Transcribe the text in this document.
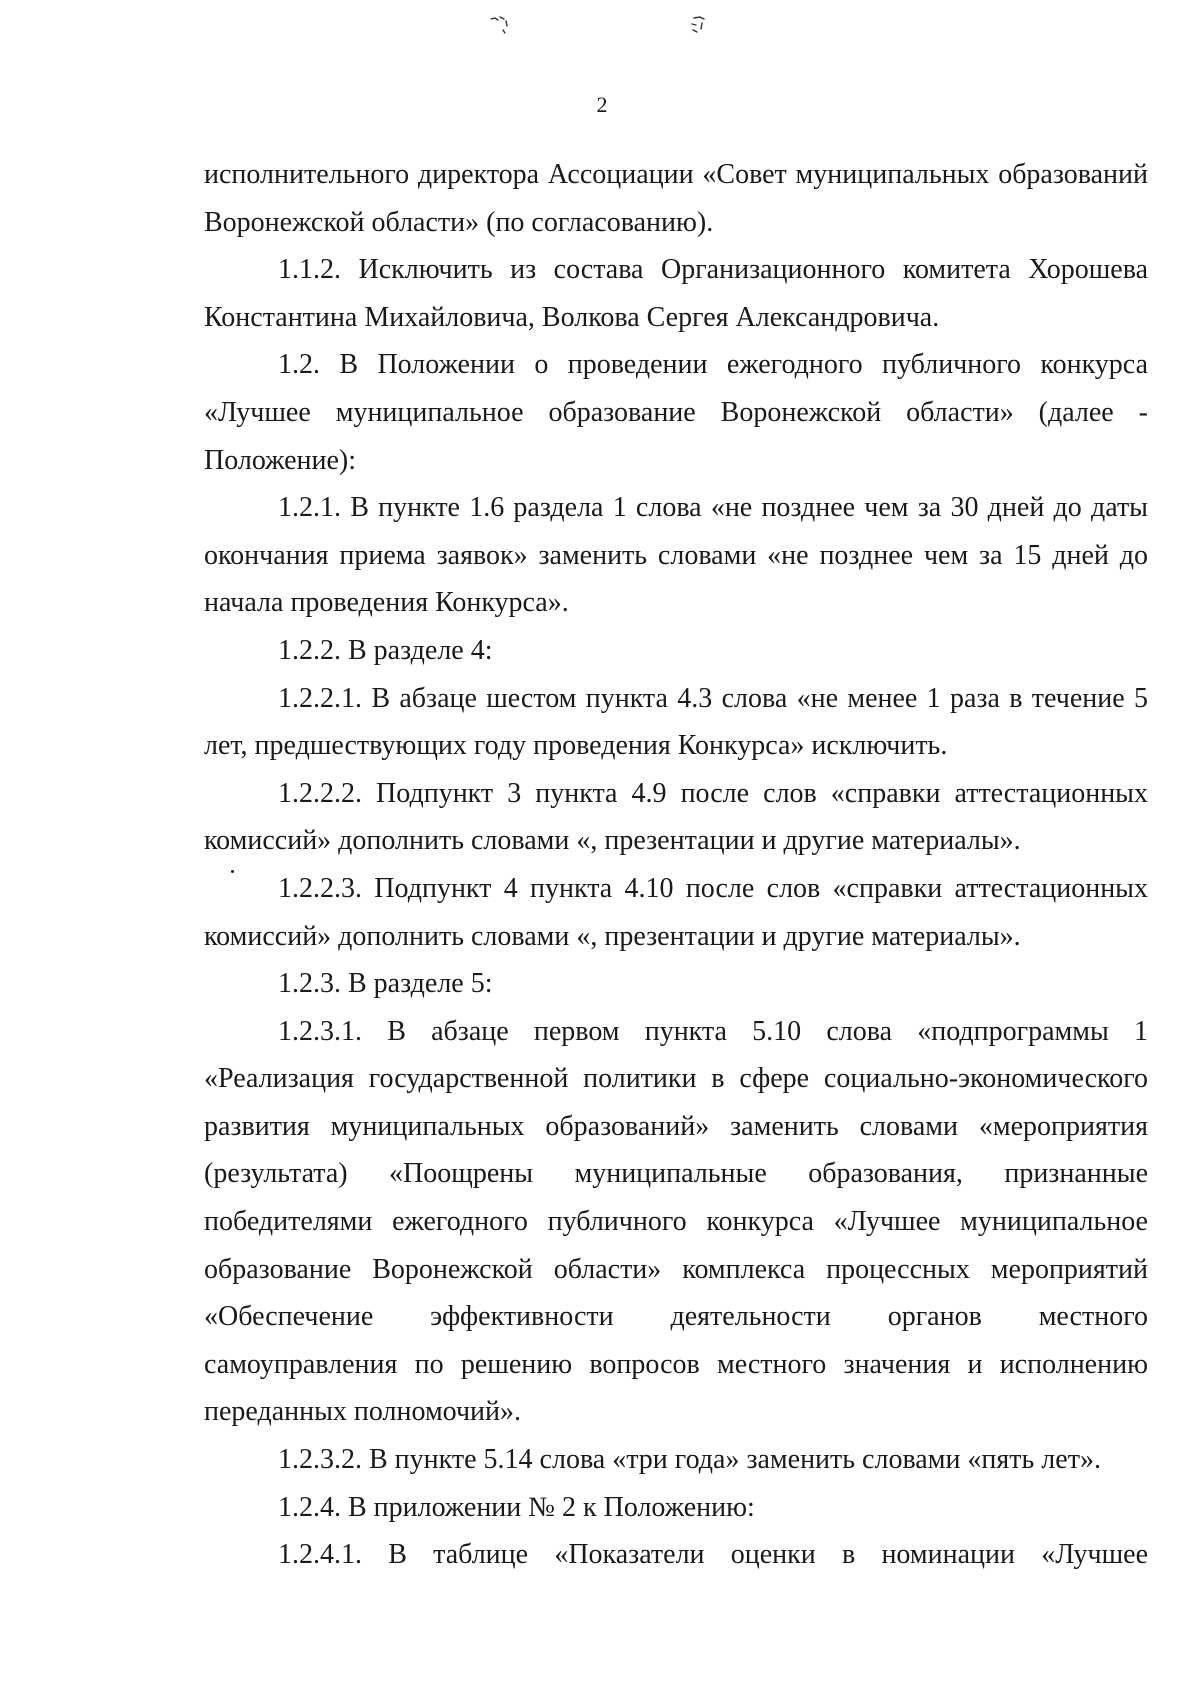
2

исполнительного директора Ассоциации «Совет муниципальных образований Воронежской области» (по согласованию).

1.1.2. Исключить из состава Организационного комитета Хорошева Константина Михайловича, Волкова Сергея Александровича.

1.2. В Положении о проведении ежегодного публичного конкурса «Лучшее муниципальное образование Воронежской области» (далее - Положение):

1.2.1. В пункте 1.6 раздела 1 слова «не позднее чем за 30 дней до даты окончания приема заявок» заменить словами «не позднее чем за 15 дней до начала проведения Конкурса».

1.2.2. В разделе 4:

1.2.2.1. В абзаце шестом пункта 4.3 слова «не менее 1 раза в течение 5 лет, предшествующих году проведения Конкурса» исключить.

1.2.2.2. Подпункт 3 пункта 4.9 после слов «справки аттестационных комиссий» дополнить словами «, презентации и другие материалы».

1.2.2.3. Подпункт 4 пункта 4.10 после слов «справки аттестационных комиссий» дополнить словами «, презентации и другие материалы».

1.2.3. В разделе 5:

1.2.3.1. В абзаце первом пункта 5.10 слова «подпрограммы 1 «Реализация государственной политики в сфере социально-экономического развития муниципальных образований» заменить словами «мероприятия (результата) «Поощрены муниципальные образования, признанные победителями ежегодного публичного конкурса «Лучшее муниципальное образование Воронежской области» комплекса процессных мероприятий «Обеспечение эффективности деятельности органов местного самоуправления по решению вопросов местного значения и исполнению переданных полномочий».

1.2.3.2. В пункте 5.14 слова «три года» заменить словами «пять лет».

1.2.4. В приложении № 2 к Положению:

1.2.4.1. В таблице «Показатели оценки в номинации «Лучшее
